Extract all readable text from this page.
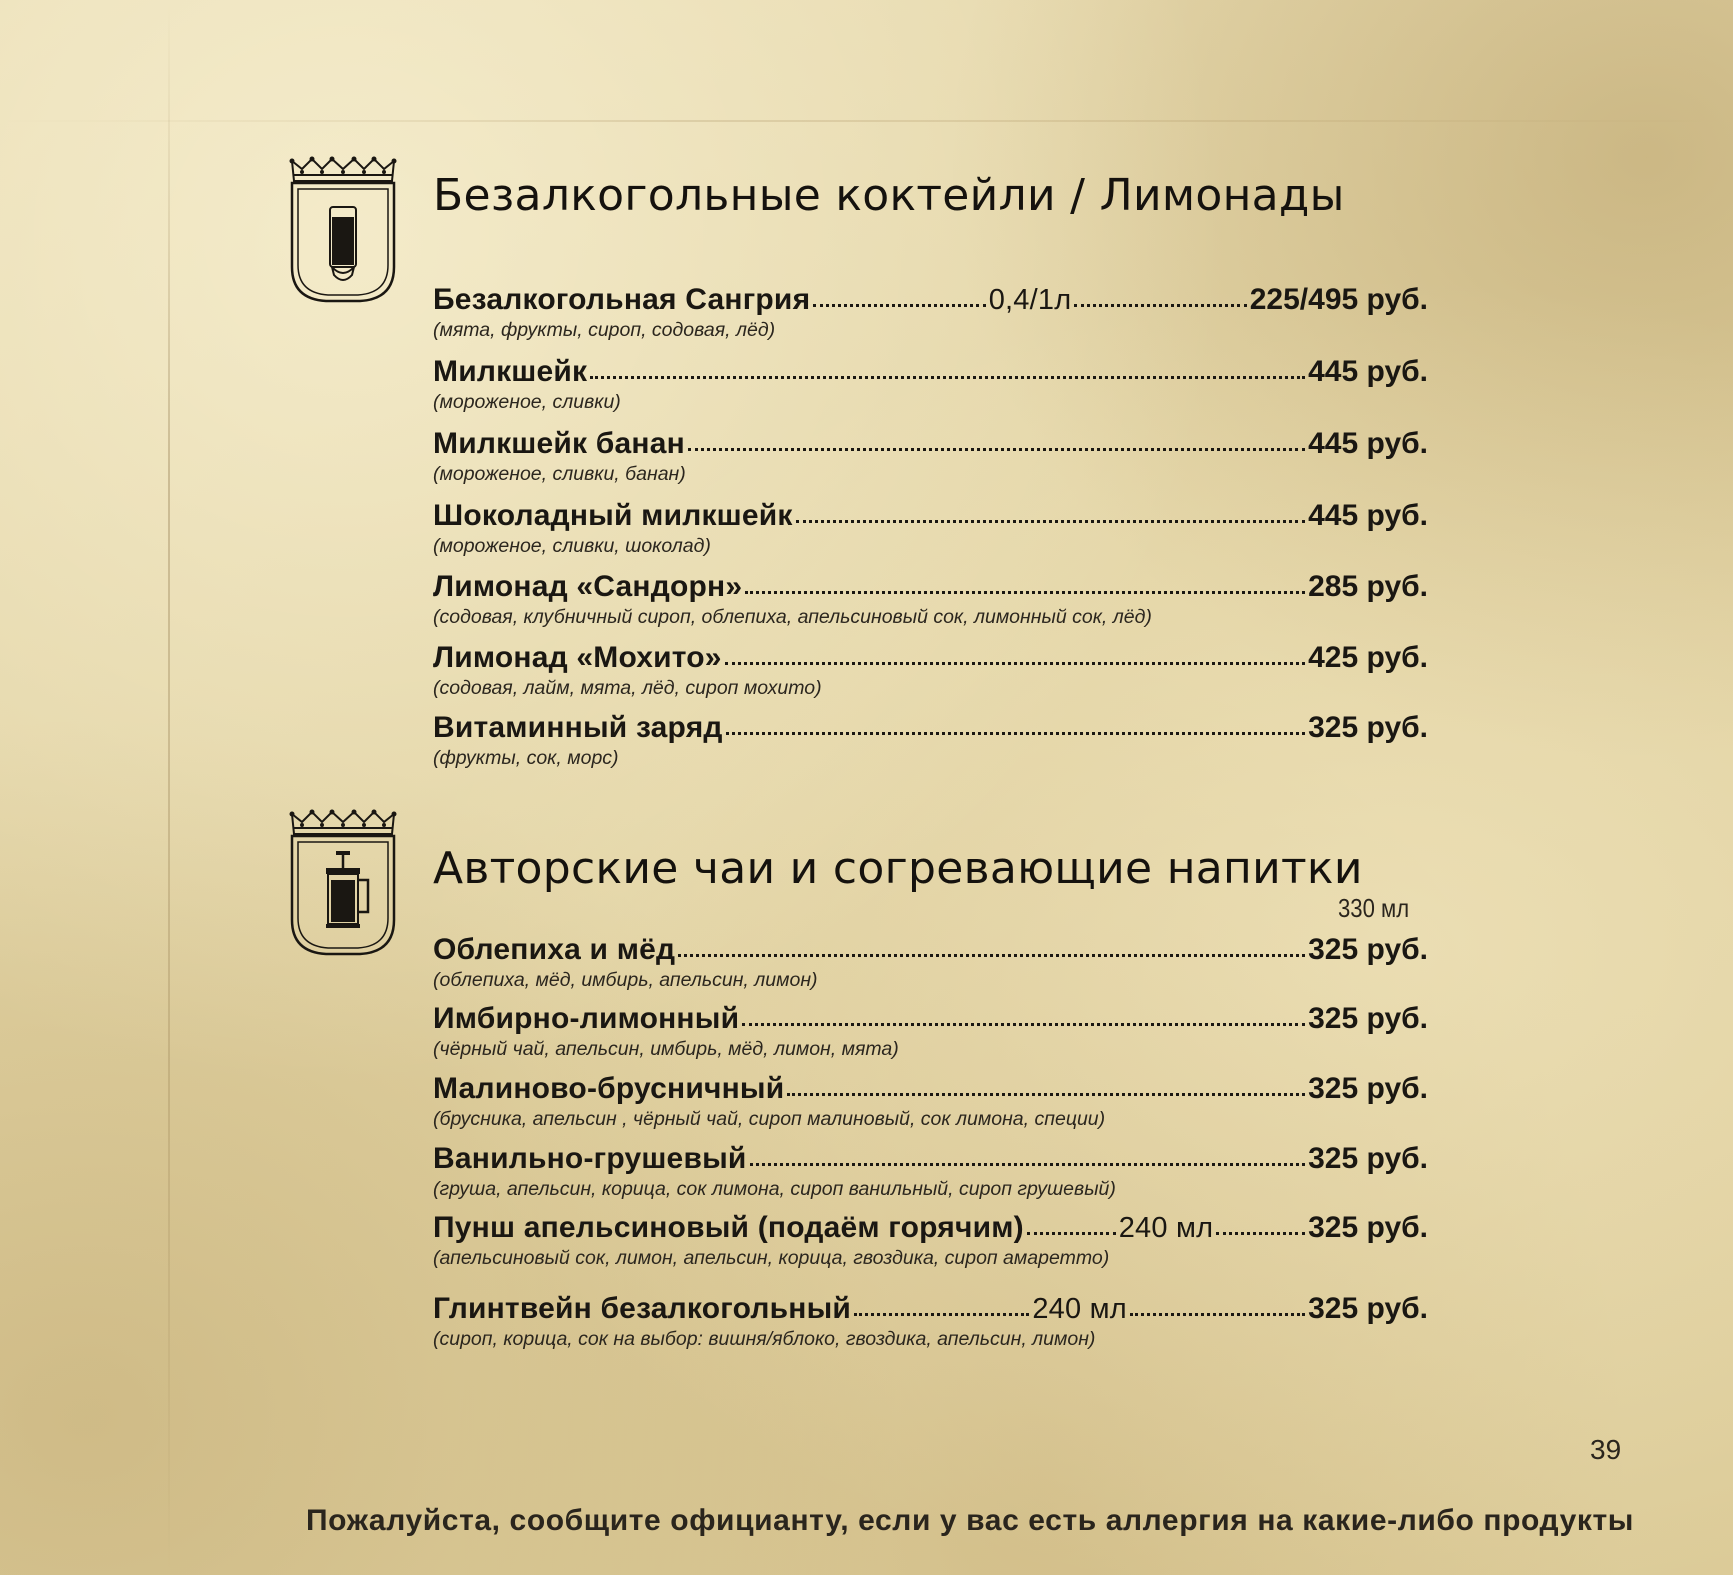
Безалкогольные коктейли / Лимонады
Безалкогольная Сангрия	0,4/1л	225/495 руб.
(мята, фрукты, сироп, содовая, лёд)
Милкшейк	445 руб.
(мороженое, сливки)
Милкшейк банан	445 руб.
(мороженое, сливки, банан)
Шоколадный милкшейк	445 руб.
(мороженое, сливки, шоколад)
Лимонад «Сандорн»	285 руб.
(содовая, клубничный сироп, облепиха, апельсиновый сок, лимонный сок, лёд)
Лимонад «Мохито»	425 руб.
(содовая, лайм, мята, лёд, сироп мохито)
Витаминный заряд	325 руб.
(фрукты, сок, морс)
Авторские чаи и согревающие напитки
330 мл
Облепиха и мёд	325 руб.
(облепиха, мёд, имбирь, апельсин, лимон)
Имбирно-лимонный	325 руб.
(чёрный чай, апельсин, имбирь, мёд, лимон, мята)
Малиново-брусничный	325 руб.
(брусника, апельсин , чёрный чай, сироп малиновый, сок лимона, специи)
Ванильно-грушевый	325 руб.
(груша, апельсин, корица, сок лимона, сироп ванильный, сироп грушевый)
Пунш апельсиновый (подаём горячим)	240 мл	325 руб.
(апельсиновый сок, лимон, апельсин, корица, гвоздика, сироп амаретто)
Глинтвейн безалкогольный	240 мл	325 руб.
(сироп, корица, сок на выбор: вишня/яблоко, гвоздика, апельсин, лимон)
39
Пожалуйста, сообщите официанту, если у вас есть аллергия на какие-либо продукты
